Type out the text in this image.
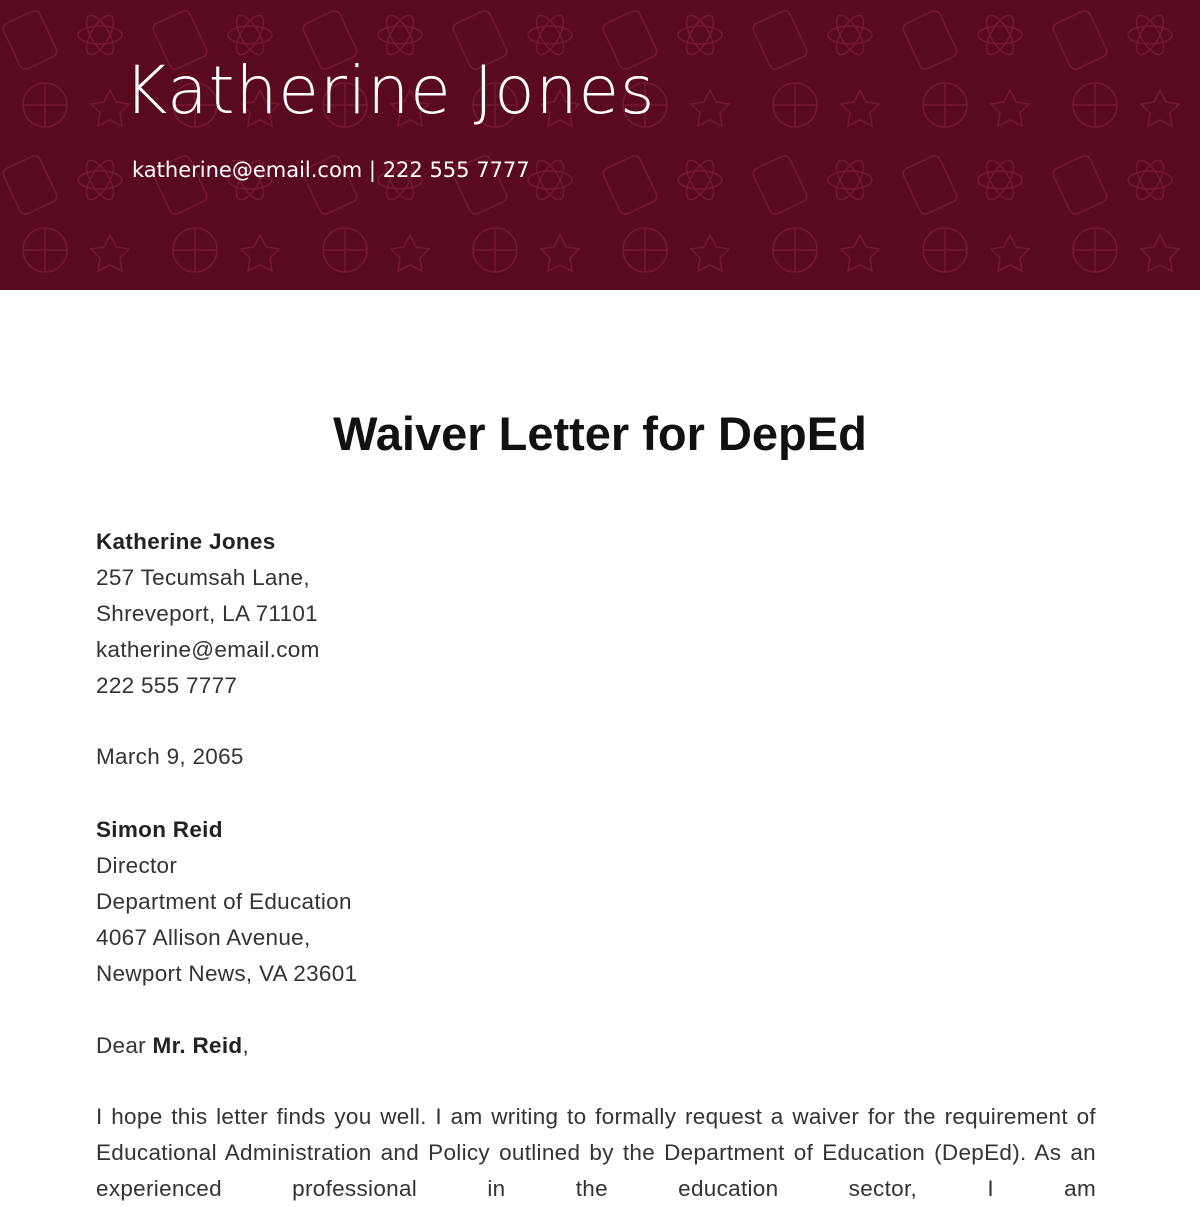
Katherine Jones
katherine@email.com | 222 555 7777
Waiver Letter for DepEd
Katherine Jones
257 Tecumsah Lane,
Shreveport, LA 71101
katherine@email.com
222 555 7777
March 9, 2065
Simon Reid
Director
Department of Education
4067 Allison Avenue,
Newport News, VA 23601
Dear Mr. Reid,
I hope this letter finds you well. I am writing to formally request a waiver for the requirement of Educational Administration and Policy outlined by the Department of Education (DepEd). As an experienced professional in the education sector, I am
